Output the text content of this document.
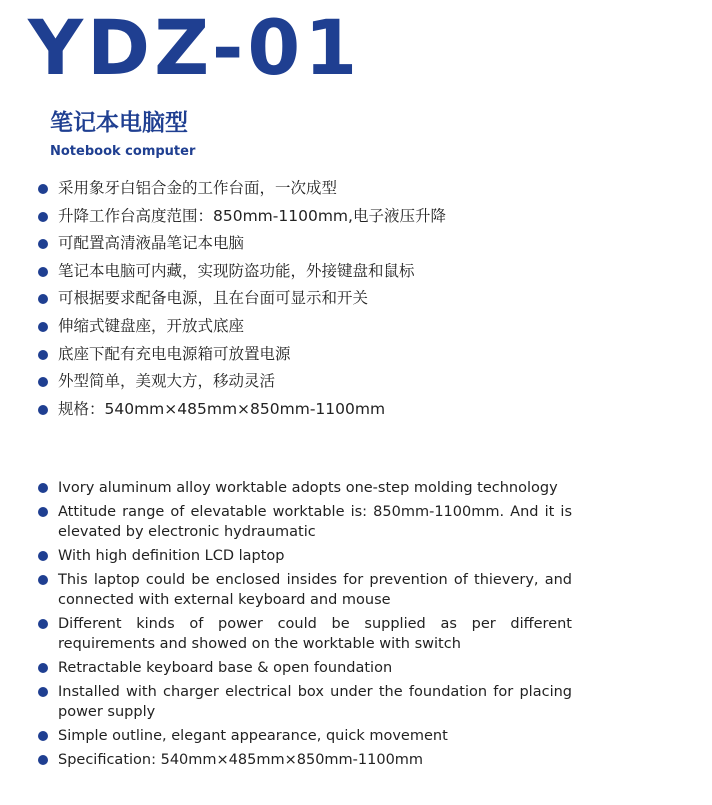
YDZ-01
笔记本电脑型
Notebook computer
采用象牙白铝合金的工作台面，一次成型
升降工作台高度范围：850mm-1100mm,电子液压升降
可配置高清液晶笔记本电脑
笔记本电脑可内藏，实现防盗功能，外接键盘和鼠标
可根据要求配备电源，且在台面可显示和开关
伸缩式键盘座，开放式底座
底座下配有充电电源箱可放置电源
外型简单，美观大方，移动灵活
规格：540mm×485mm×850mm-1100mm
Ivory aluminum alloy worktable adopts one-step molding technology
Attitude range of elevatable worktable is: 850mm-1100mm. And it is elevated by electronic hydraumatic
With high definition LCD laptop
This laptop could be enclosed insides for prevention of thievery, and connected with external keyboard and mouse
Different kinds of power could be supplied as per different requirements and showed on the worktable with switch
Retractable keyboard base & open foundation
Installed with charger electrical box under the foundation for placing power supply
Simple outline, elegant appearance, quick movement
Specification: 540mm×485mm×850mm-1100mm
